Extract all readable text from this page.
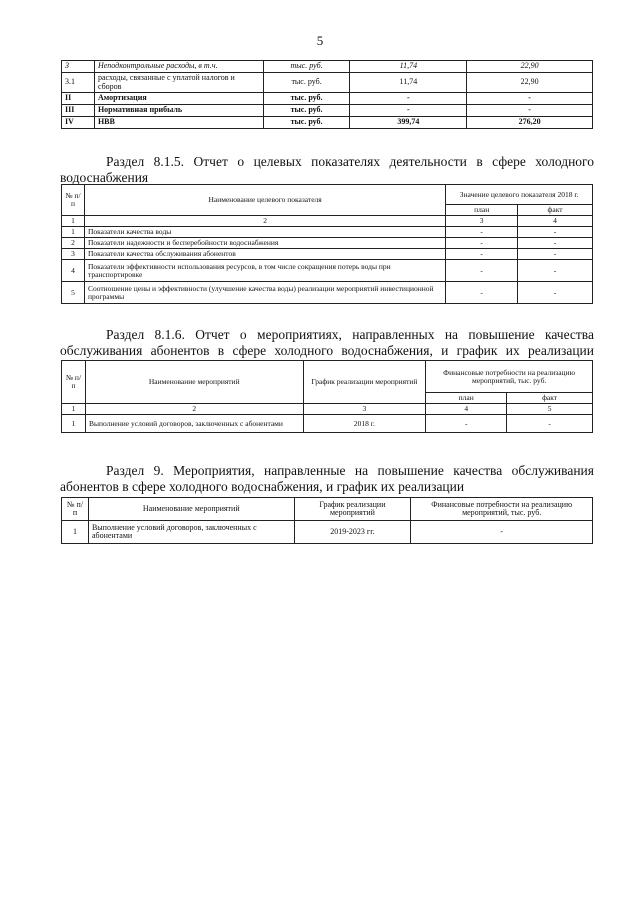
5
3	Неподконтрольные расходы, в т.ч.	тыс. руб.	11,74	22,90
3.1	расходы, связанные с уплатой налогов и сборов	тыс. руб.	11,74	22,90
II	Амортизация	тыс. руб.	-	-
III	Нормативная прибыль	тыс. руб.	-	-
IV	НВВ	тыс. руб.	399,74	276,20
Раздел 8.1.5. Отчет о целевых показателях деятельности в сфере холодного
водоснабжения
№ п/п	Наименование целевого показателя	Значение целевого показателя 2018 г.	
		план	факт
1	2	3	4
1	Показатели качества воды	-	-
2	Показатели надежности и бесперебойности водоснабжения	-	-
3	Показатели качества обслуживания абонентов	-	-
4	Показатели эффективности использования ресурсов, в том числе сокращения потерь воды при транспортировке	-	-
5	Соотношение цены и эффективности (улучшение качества воды) реализации мероприятий инвестиционной программы	-	-
Раздел 8.1.6. Отчет о мероприятиях, направленных на повышение качества
обслуживания абонентов в сфере холодного водоснабжения, и график их реализации
№ п/п	Наименование мероприятий	График реализации мероприятий	Финансовые потребности на реализацию мероприятий, тыс. руб.	
			план	факт
1	2	3	4	5
1	Выполнение условий договоров, заключенных с абонентами	2018 г.	-	-
Раздел 9. Мероприятия, направленные на повышение качества обслуживания
абонентов в сфере холодного водоснабжения, и график их реализации
№ п/п	Наименование мероприятий	График реализации мероприятий	Финансовые потребности на реализацию мероприятий, тыс. руб.
1	Выполнение условий договоров, заключенных с абонентами	2019-2023 гг.	-
